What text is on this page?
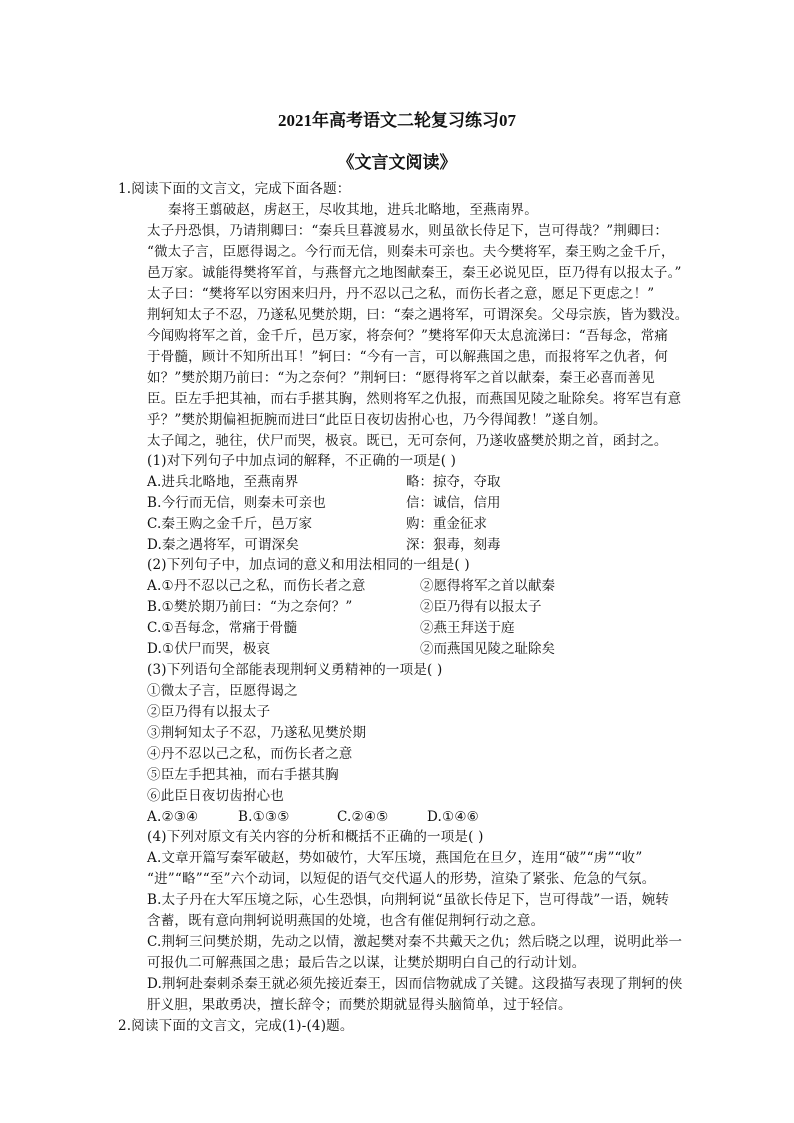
2021年高考语文二轮复习练习07
《文言文阅读》
1.阅读下面的文言文，完成下面各题：
秦将王翦破赵，虏赵王，尽收其地，进兵北略地，至燕南界。
太子丹恐惧，乃请荆卿曰：“秦兵旦暮渡易水，则虽欲长侍足下，岂可得哉？”荆卿曰：
“微太子言，臣愿得谒之。今行而无信，则秦未可亲也。夫今樊将军，秦王购之金千斤，
邑万家。诚能得樊将军首，与燕督亢之地图献秦王，秦王必说见臣，臣乃得有以报太子。”
太子曰：“樊将军以穷困来归丹，丹不忍以己之私，而伤长者之意，愿足下更虑之！”
荆轲知太子不忍，乃遂私见樊於期，曰：“秦之遇将军，可谓深矣。父母宗族，皆为戮没。
今闻购将军之首，金千斤，邑万家，将奈何？”樊将军仰天太息流涕曰：“吾每念，常痛
于骨髓，顾计不知所出耳！”轲曰：“今有一言，可以解燕国之患，而报将军之仇者，何
如？”樊於期乃前曰：“为之奈何？”荆轲曰：“愿得将军之首以献秦，秦王必喜而善见
臣。臣左手把其袖，而右手揕其胸，然则将军之仇报，而燕国见陵之耻除矣。将军岂有意
乎？”樊於期偏袒扼腕而进曰“此臣日夜切齿拊心也，乃今得闻教！”遂自刎。
太子闻之，驰往，伏尸而哭，极哀。既已，无可奈何，乃遂收盛樊於期之首，函封之。
(1)对下列句子中加点词的解释，不正确的一项是( )
A.进兵北略地，至燕南界	略：掠夺，夺取
B.今行而无信，则秦未可亲也	信：诚信，信用
C.秦王购之金千斤，邑万家	购：重金征求
D.秦之遇将军，可谓深矣	深：狠毒，刻毒
(2)下列句子中，加点词的意义和用法相同的一组是( )
A.①丹不忍以己之私，而伤长者之意	②愿得将军之首以献秦
B.①樊於期乃前曰：“为之奈何？”	②臣乃得有以报太子
C.①吾每念，常痛于骨髓	②燕王拜送于庭
D.①伏尸而哭，极哀	②而燕国见陵之耻除矣
(3)下列语句全部能表现荆轲义勇精神的一项是( )
①微太子言，臣愿得谒之
②臣乃得有以报太子
③荆轲知太子不忍，乃遂私见樊於期
④丹不忍以己之私，而伤长者之意
⑤臣左手把其袖，而右手揕其胸
⑥此臣日夜切齿拊心也
A.②③④	B.①③⑤	C.②④⑤	D.①④⑥
(4)下列对原文有关内容的分析和概括不正确的一项是( )
A.文章开篇写秦军破赵，势如破竹，大军压境，燕国危在旦夕，连用“破”“虏”“收”
“进”“略”“至”六个动词，以短促的语气交代逼人的形势，渲染了紧张、危急的气氛。
B.太子丹在大军压境之际，心生恐惧，向荆轲说“虽欲长侍足下，岂可得哉”一语，婉转
含蓄，既有意向荆轲说明燕国的处境，也含有催促荆轲行动之意。
C.荆轲三问樊於期，先动之以情，激起樊对秦不共戴天之仇；然后晓之以理，说明此举一
可报仇二可解燕国之患；最后告之以谋，让樊於期明白自己的行动计划。
D.荆轲赴秦刺杀秦王就必须先接近秦王，因而信物就成了关键。这段描写表现了荆轲的侠
肝义胆，果敢勇决，擅长辞令；而樊於期就显得头脑简单，过于轻信。
2.阅读下面的文言文，完成(1)-(4)题。
